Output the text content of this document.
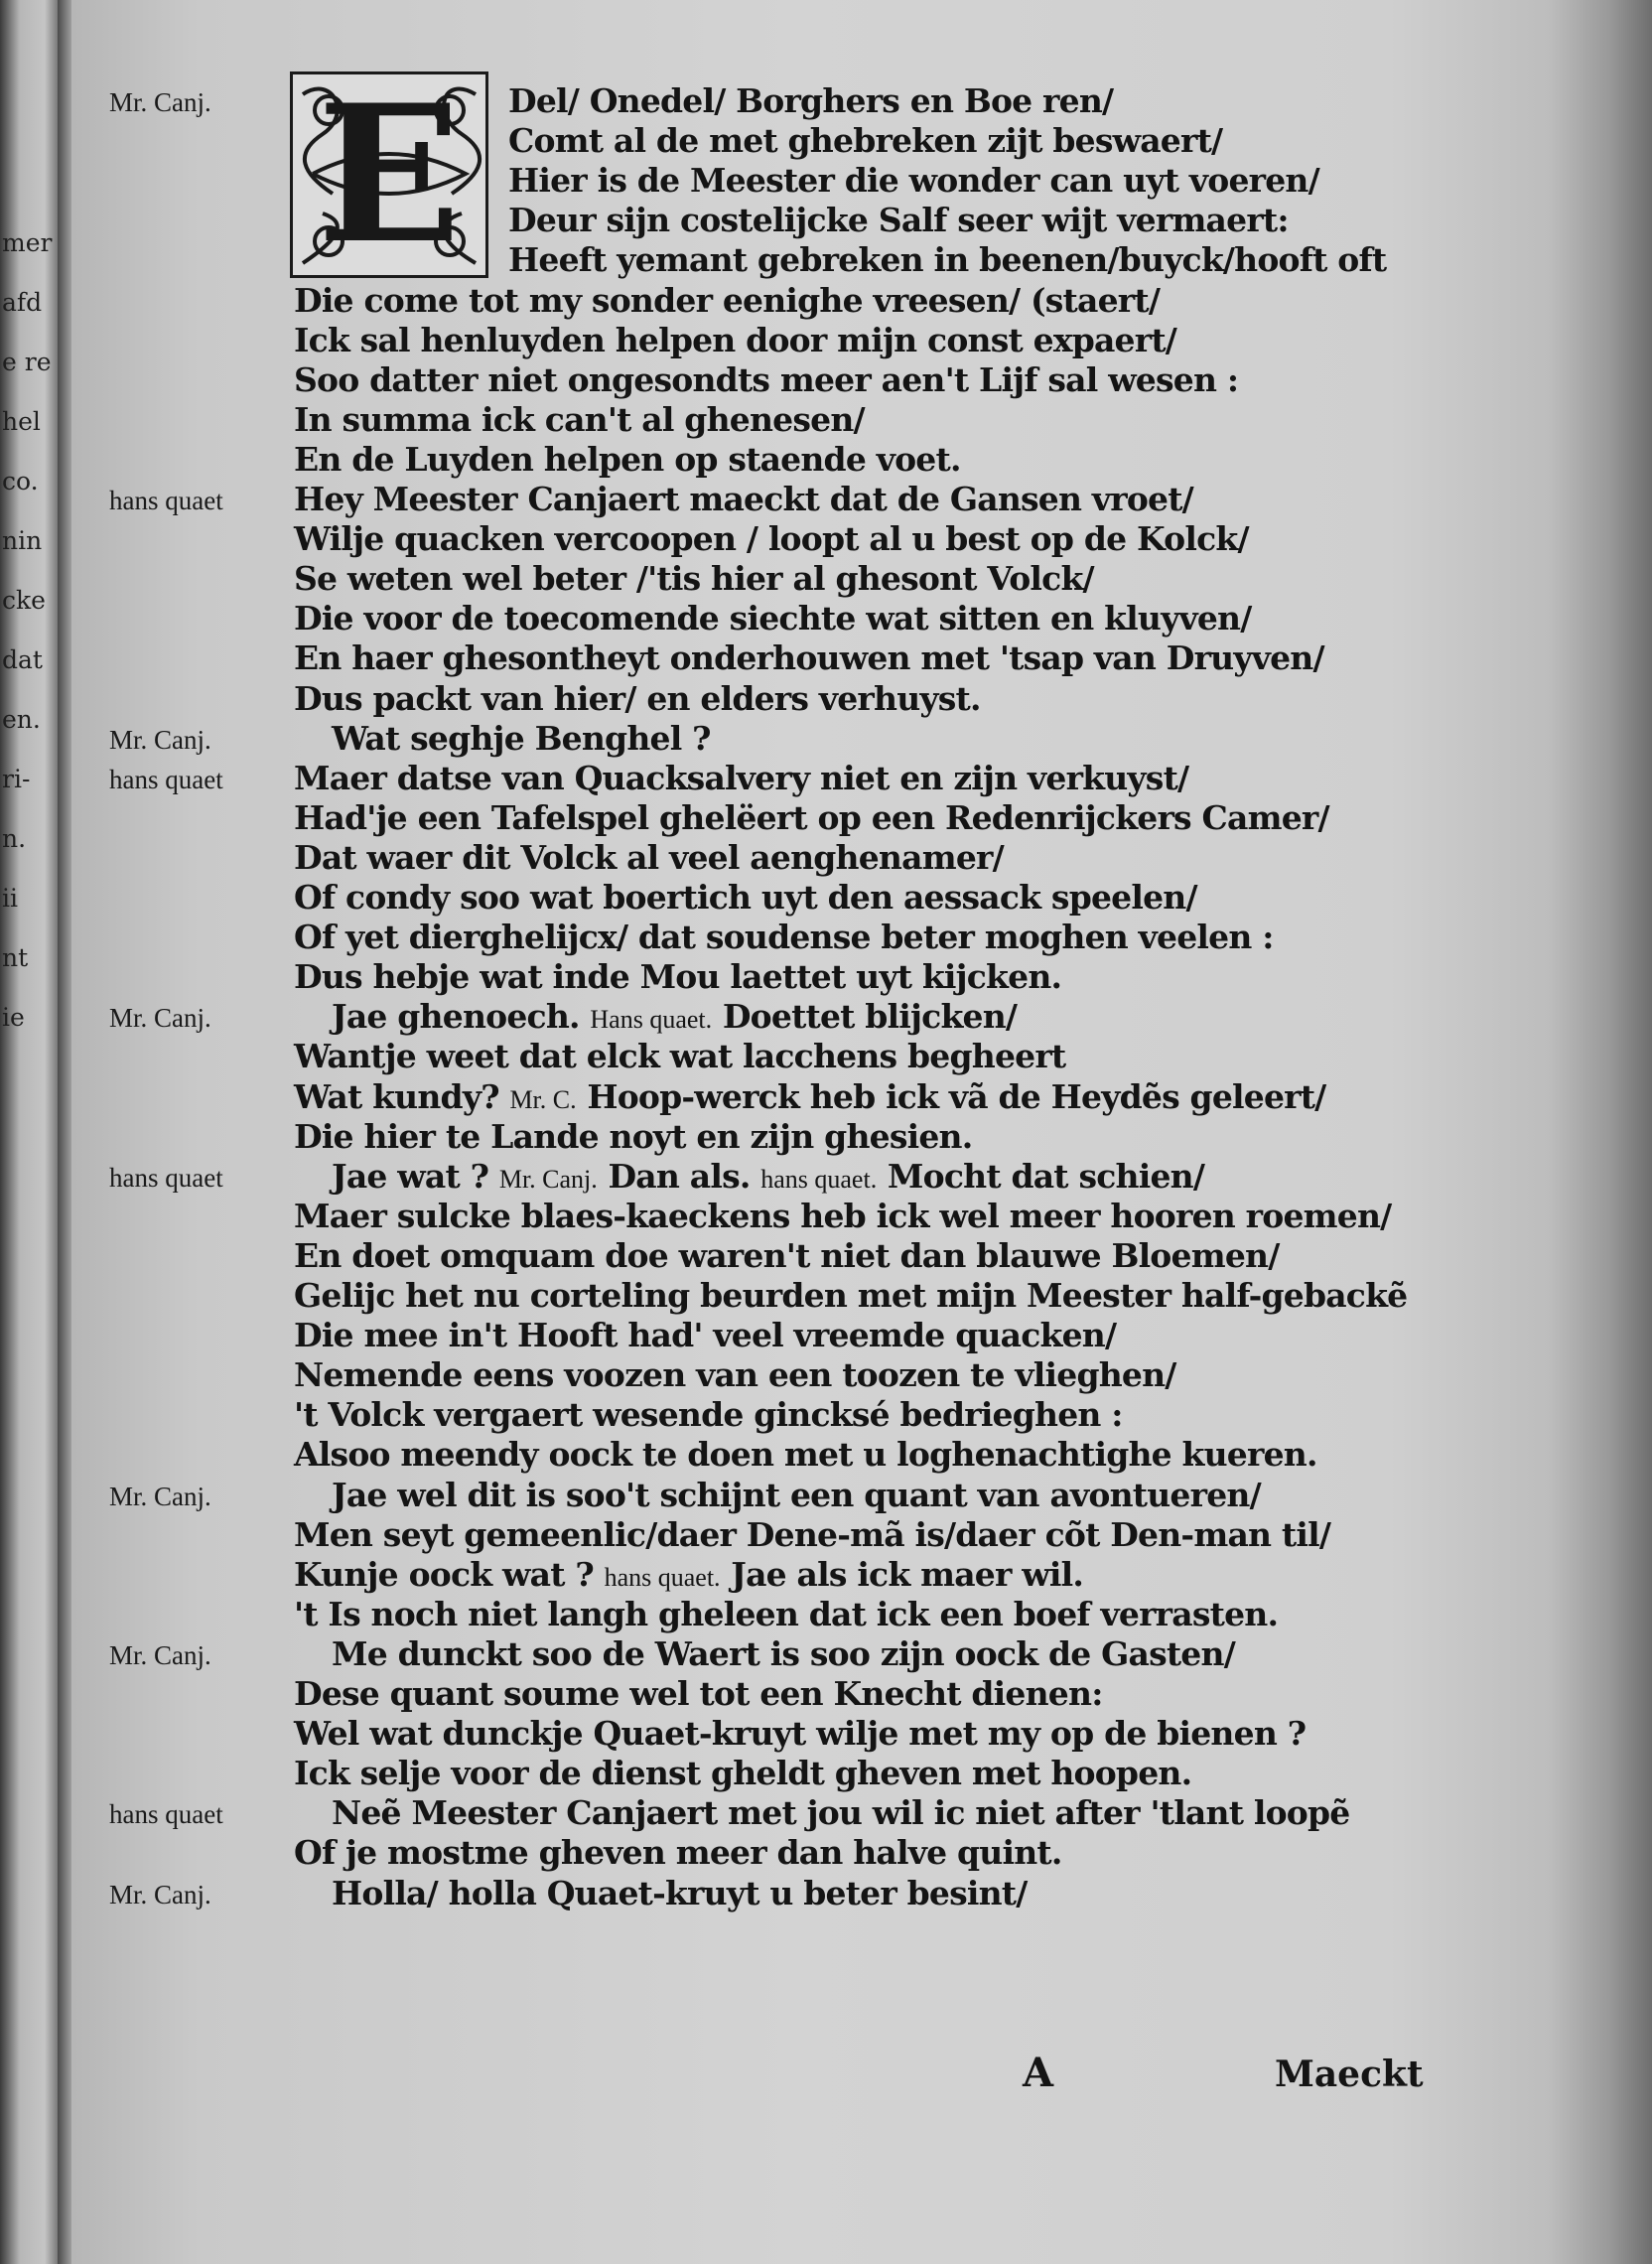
mer
afd
e re
hel
co.
nin
cke
dat
en.
ri-
n.
ii
nt
ie
E
Mr. Canj.	Del/ Onedel/ Borghers en Boe ren/
Comt al de met ghebreken zijt beswaert/
Hier is de Meester die wonder can uyt voeren/
Deur sijn costelijcke Salf seer wijt vermaert:
Heeft yemant gebreken in beenen/buyck/hooft oft
Die come tot my sonder eenighe vreesen/ (staert/
Ick sal henluyden helpen door mijn const expaert/
Soo datter niet ongesondts meer aen't Lijf sal wesen :
In summa ick can't al ghenesen/
En de Luyden helpen op staende voet.
hans quaet Hey Meester Canjaert maeckt dat de Gansen vroet/
Wilje quacken vercoopen / loopt al u best op de Kolck/
Se weten wel beter /'tis hier al ghesont Volck/
Die voor de toecomende siechte wat sitten en kluyven/
En haer ghesontheyt onderhouwen met 'tsap van Druyven/
Dus packt van hier/ en elders verhuyst.
Mr. Canj.	Wat seghje Benghel ?
hans quaet Maer datse van Quacksalvery niet en zijn verkuyst/
Had'je een Tafelspel ghelëert op een Redenrijckers Camer/
Dat waer dit Volck al veel aenghenamer/
Of condy soo wat boertich uyt den aessack speelen/
Of yet dierghelijcx/ dat soudense beter moghen veelen :
Dus hebje wat inde Mou laettet uyt kijcken.
Mr. Canj.	Jae ghenoech. Hans quaet. Doettet blijcken/
Wantje weet dat elck wat lacchens begheert
Wat kundy? Mr. C. Hoop-werck heb ick vã de Heydẽs geleert/
Die hier te Lande noyt en zijn ghesien.
hans quaet	Jae wat ? Mr. Canj. Dan als. hans quaet. Mocht dat schien/
Maer sulcke blaes-kaeckens heb ick wel meer hooren roemen/
En doet omquam doe waren't niet dan blauwe Bloemen/
Gelijc het nu corteling beurden met mijn Meester half-gebackẽ
Die mee in't Hooft had' veel vreemde quacken/
Nemende eens voozen van een toozen te vlieghen/
't Volck vergaert wesende gincksé bedrieghen :
Alsoo meendy oock te doen met u loghenachtighe kueren.
Mr. Canj.	Jae wel dit is soo't schijnt een quant van avontueren/
Men seyt gemeenlic/daer Dene-mã is/daer cõt Den-man til/
Kunje oock wat ? hans quaet. Jae als ick maer wil.
't Is noch niet langh gheleen dat ick een boef verrasten.
Mr. Canj.	Me dunckt soo de Waert is soo zijn oock de Gasten/
Dese quant soume wel tot een Knecht dienen:
Wel wat dunckje Quaet-kruyt wilje met my op de bienen ?
Ick selje voor de dienst gheldt gheven met hoopen.
hans quaet	Neẽ Meester Canjaert met jou wil ic niet after 'tlant loopẽ
Of je mostme gheven meer dan halve quint.
Mr. Canj.	Holla/ holla Quaet-kruyt u beter besint/
A	Maeckt
